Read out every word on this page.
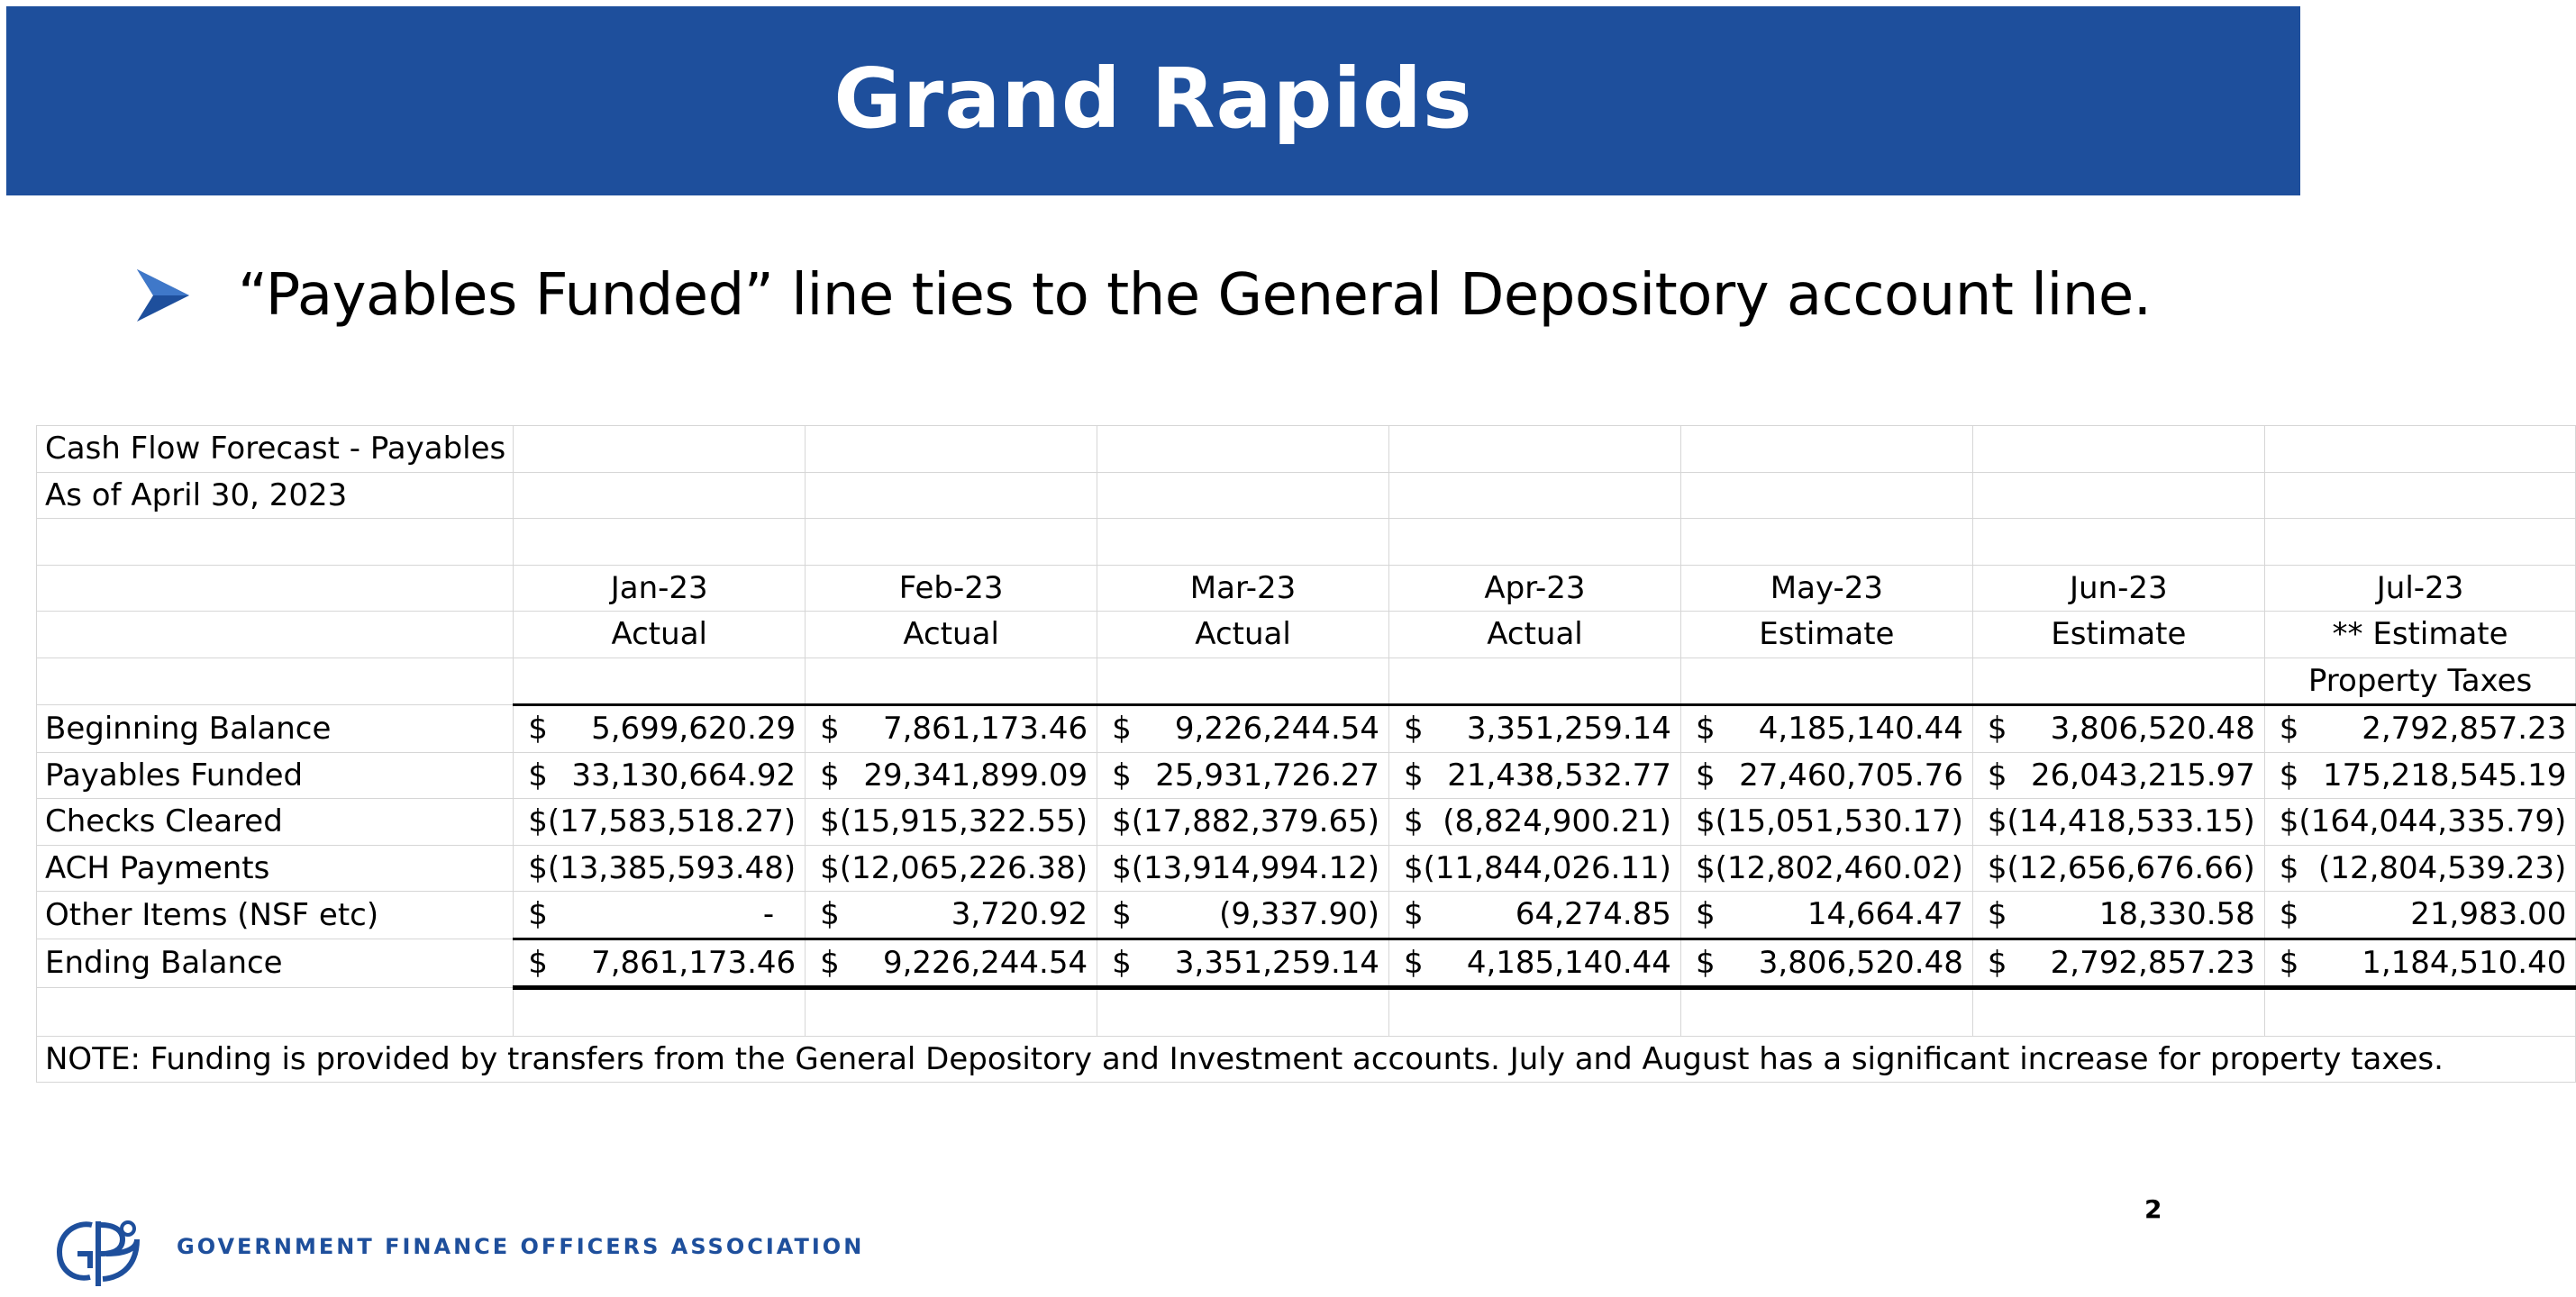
Grand Rapids
“Payables Funded” line ties to the General Depository account line.
Cash Flow Forecast - Payables							
As of April 30, 2023							

	Jan-23	Feb-23	Mar-23	Apr-23	May-23	Jun-23	Jul-23
	Actual	Actual	Actual	Actual	Estimate	Estimate	** Estimate
							Property Taxes
Beginning Balance	$ 5,699,620.29	$ 7,861,173.46	$ 9,226,244.54	$ 3,351,259.14	$ 4,185,140.44	$ 3,806,520.48	$ 2,792,857.23

Payables Funded	$ 33,130,664.92	$ 29,341,899.09	$ 25,931,726.27	$ 21,438,532.77	$ 27,460,705.76	$ 26,043,215.97	$ 175,218,545.19

Checks Cleared	$ (17,583,518.27)	$ (15,915,322.55)	$ (17,882,379.65)	$ (8,824,900.21)	$ (15,051,530.17)	$ (14,418,533.15)	$ (164,044,335.79)

ACH Payments	$ (13,385,593.48)	$ (12,065,226.38)	$ (13,914,994.12)	$ (11,844,026.11)	$ (12,802,460.02)	$ (12,656,676.66)	$ (12,804,539.23)

Other Items (NSF etc)	$ -	$ 3,720.92	$ (9,337.90)	$ 64,274.85	$ 14,664.47	$ 18,330.58	$ 21,983.00

Ending Balance	$ 7,861,173.46	$ 9,226,244.54	$ 3,351,259.14	$ 4,185,140.44	$ 3,806,520.48	$ 2,792,857.23	$ 1,184,510.40

NOTE: Funding is provided by transfers from the General Depository and Investment accounts. July and August has a significant increase for property taxes.							
GOVERNMENT FINANCE OFFICERS ASSOCIATION
2
